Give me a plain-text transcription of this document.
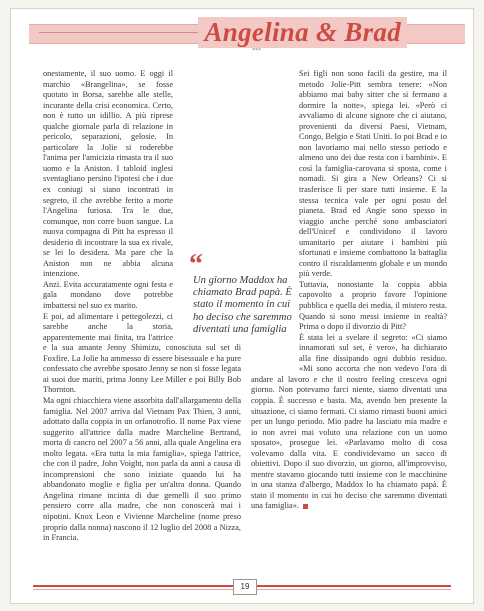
Angelina & Brad
***

onestamente, il suo uomo. E oggi il marchio «Brangelina», se fosse quotato in Borsa, sarebbe alle stelle, incurante della crisi economica. Certo, non è tutto un idillio. A più riprese qualche giornale parla di relazione in pericolo, separazioni, gelosie. In particolare la Jolie si roderebbe l'anima per l'amicizia rimasta tra il suo uomo e la Aniston. I tabloid inglesi sventagliano persino l'ipotesi che i due ex coniugi si siano incontrati in segreto, il che avrebbe ferito a morte l'Angelina furiosa. Tra le due, comunque, non corre buon sangue. La nuova compagna di Pitt ha espresso il desiderio di incontrare la sua ex rivale, se lei lo desidera. Ma pare che la Aniston non ne abbia alcuna intenzione.

Anzi. Evita accuratamente ogni festa e gala mondano dove potrebbe imbattersi nel suo ex marito.

E poi, ad alimentare i pettegolezzi, ci sarebbe anche la storia, apparentemente mai finita, tra l'attrice e la sua amante Jenny Shimizu, conosciuta sul set di Foxfire. La Jolie ha ammesso di essere bisessuale e ha pure confessato che avrebbe sposato Jenny se non si fosse legata ai suoi due mariti, prima Jonny Lee Miller e poi Billy Bob Thornton.

Ma ogni chiacchiera viene assorbita dall'allargamento della famiglia. Nel 2007 arriva dal Vietnam Pax Thien, 3 anni, adottato dalla coppia in un orfanotrofio. Il nome Pax viene suggerito all'attrice dalla madre Marcheline Bertrand, morta di cancro nel 2007 a 56 anni, alla quale Angelina era molto legata. «Era tutta la mia famiglia», spiega l'attrice, che con il padre, John Voight, non parla da anni a causa di incomprensioni che sono iniziate quando lui ha abbandonato moglie e figlia per un'altra donna. Quando Angelina rimane incinta di due gemelli il suo primo pensiero corre alla madre, che non conoscerà mai i nipotini. Knox Leon e Vivienne Marcheline (nome preso proprio dalla nonna) nascono il 12 luglio del 2008 a Nizza, in Francia.

Sei figli non sono facili da gestire, ma il metodo Jolie-Pitt sembra tenere: «Non abbiamo mai baby sitter che si fermano a dormire la notte», spiega lei. «Però ci avvaliamo di alcune signore che ci aiutano, provenienti da diversi Paesi, Vietnam, Congo, Belgio e Stati Uniti. Io poi Brad e io non lavoriamo mai nello stesso periodo e almeno uno dei due resta con i bambini». E così la famiglia-carovana si sposta, come i nomadi. Si gira a New Orleans? Ci si trasferisce lì per stare tutti insieme. E la stessa tecnica vale per ogni posto del pianeta. Brad ed Angie sono spesso in viaggio anche perché sono ambasciatori dell'Unicef e condividono il lavoro umanitario per aiutare i bambini più sfortunati e insieme combattono la battaglia contro il riscaldamento globale e un mondo più verde.

Tuttavia, nonostante la coppia abbia capovolto a proprio favore l'opinione pubblica e quella dei media, il mistero resta. Quando si sono messi insieme in realtà? Prima o dopo il divorzio di Pitt?

È stata lei a svelare il segreto: «Ci siamo innamorati sul set, è vero», ha dichiarato alla fine dissipando ogni dubbio residuo. «Mi sono accorta che non vedevo l'ora di andare al lavoro e che il nostro feeling cresceva ogni giorno. Non potevamo farci niente, siamo diventati una coppia. È successo e basta. Ma, avendo ben presente la situazione, ci siamo fermati. Ci siamo rimasti buoni amici per un lungo periodo. Mio padre ha lasciato mia madre e io non avrei mai voluto una relazione con un uomo sposato», prosegue lei. «Parlavamo molto di cosa volevamo dalla vita. E condividevamo un sacco di obiettivi. Dopo il suo divorzio, un giorno, all'improvviso, mentre stavamo giocando tutti insieme con le macchinine in una stanza d'albergo, Maddox lo ha chiamato papà. È stato il momento in cui ho deciso che saremmo diventati una famiglia».

“

Un giorno Maddox ha chiamato Brad papà. È stato il momento in cui ho deciso che saremmo diventati una famiglia

19
